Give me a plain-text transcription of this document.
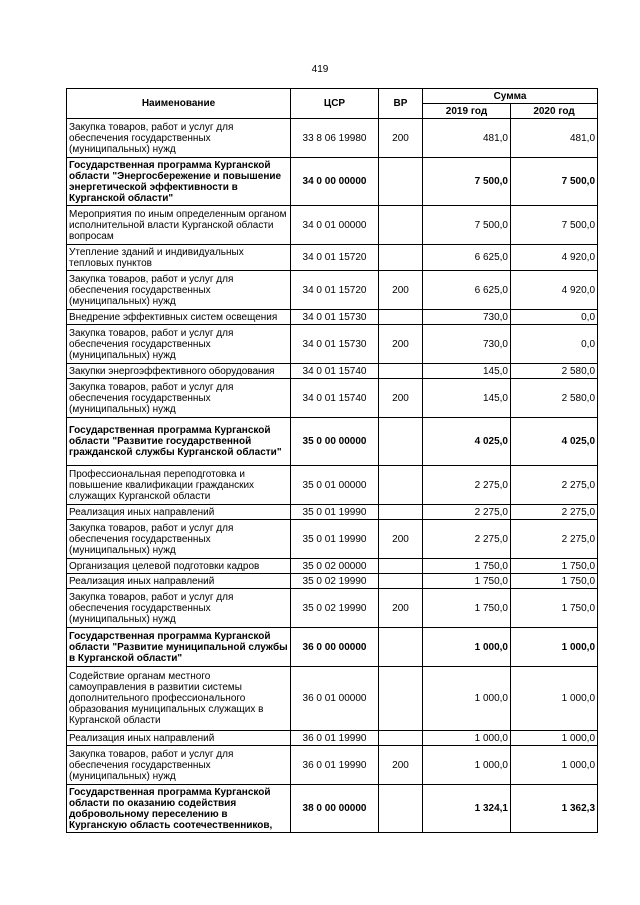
419
Наименование	ЦСР	ВР	Сумма	
			2019 год	2020 год
Закупка товаров, работ и услуг для обеспечения государственных (муниципальных) нужд	33 8 06 19980	200	481,0	481,0
Государственная программа Курганской области "Энергосбережение и повышение энергетической эффективности в Курганской области"	34 0 00 00000		7 500,0	7 500,0
Мероприятия по иным определенным органом исполнительной власти Курганской области вопросам	34 0 01 00000		7 500,0	7 500,0
Утепление зданий и индивидуальных тепловых пунктов	34 0 01 15720		6 625,0	4 920,0
Закупка товаров, работ и услуг для обеспечения государственных (муниципальных) нужд	34 0 01 15720	200	6 625,0	4 920,0
Внедрение эффективных систем освещения	34 0 01 15730		730,0	0,0
Закупка товаров, работ и услуг для обеспечения государственных (муниципальных) нужд	34 0 01 15730	200	730,0	0,0
Закупки энергоэффективного оборудования	34 0 01 15740		145,0	2 580,0
Закупка товаров, работ и услуг для обеспечения государственных (муниципальных) нужд	34 0 01 15740	200	145,0	2 580,0
Государственная программа Курганской области "Развитие государственной гражданской службы Курганской области"	35 0 00 00000		4 025,0	4 025,0
Профессиональная переподготовка и повышение квалификации гражданских служащих Курганской области	35 0 01 00000		2 275,0	2 275,0
Реализация иных направлений	35 0 01 19990		2 275,0	2 275,0
Закупка товаров, работ и услуг для обеспечения государственных (муниципальных) нужд	35 0 01 19990	200	2 275,0	2 275,0
Организация целевой подготовки кадров	35 0 02 00000		1 750,0	1 750,0
Реализация иных направлений	35 0 02 19990		1 750,0	1 750,0
Закупка товаров, работ и услуг для обеспечения государственных (муниципальных) нужд	35 0 02 19990	200	1 750,0	1 750,0
Государственная программа Курганской области "Развитие муниципальной службы в Курганской области"	36 0 00 00000		1 000,0	1 000,0
Содействие органам местного самоуправления в развитии системы дополнительного профессионального образования муниципальных служащих в Курганской области	36 0 01 00000		1 000,0	1 000,0
Реализация иных направлений	36 0 01 19990		1 000,0	1 000,0
Закупка товаров, работ и услуг для обеспечения государственных (муниципальных) нужд	36 0 01 19990	200	1 000,0	1 000,0
Государственная программа Курганской области по оказанию содействия добровольному переселению в Курганскую область соотечественников,	38 0 00 00000		1 324,1	1 362,3
